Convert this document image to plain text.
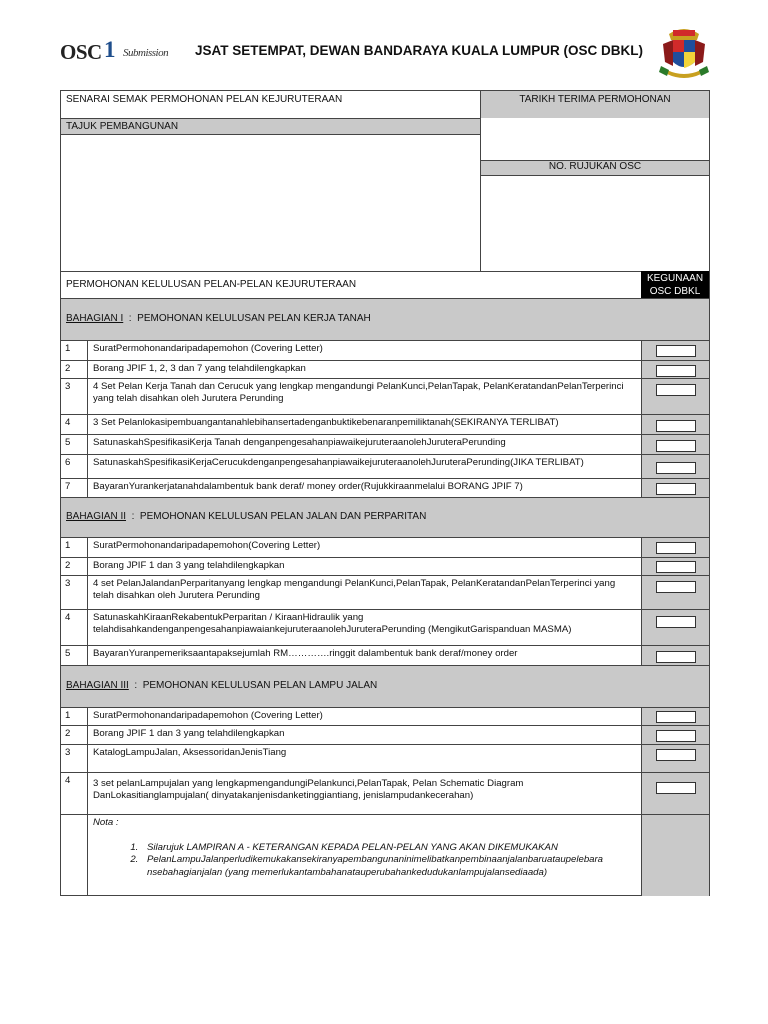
OSC 1 Submission JSAT SETEMPAT, DEWAN BANDARAYA KUALA LUMPUR (OSC DBKL)
SENARAI SEMAK PERMOHONAN PELAN KEJURUTERAAN	TARIKH TERIMA PERMOHONAN
TAJUK PEMBANGUNAN
NO. RUJUKAN OSC
PERMOHONAN KELULUSAN PELAN-PELAN KEJURUTERAAN
KEGUNAAN
OSC DBKL
BAHAGIAN I  :  PEMOHONAN KELULUSAN PELAN KERJA TANAH
1 SuratPermohonandaripadapemohon (Covering Letter)
2 Borang JPIF 1, 2, 3 dan 7 yang telahdilengkapkan
3 4 Set Pelan Kerja Tanah dan Cerucuk yang lengkap mengandungi PelanKunci,PelanTapak, PelanKeratandanPelanTerperinci yang telah disahkan oleh Jurutera Perunding
4 3 Set Pelanlokasipembuangantanahlebihansertadenganbuktikebenaranpemiliktanah(SEKIRANYA TERLIBAT)
5 SatunaskahSpesifikasiKerja Tanah denganpengesahanpiawaikejuruteraanolehJuruteraPerunding
6 SatunaskahSpesifikasiKerjaCerucukdenganpengesahanpiawaikejuruteraanolehJuruteraPerunding(JIKA TERLIBAT)
7 BayaranYurankerjatanahdalambentuk bank deraf/ money order(Rujukkiraanmelalui BORANG JPIF 7)
BAHAGIAN II  :  PEMOHONAN KELULUSAN PELAN JALAN DAN PERPARITAN
1 SuratPermohonandaripadapemohon(Covering Letter)
2 Borang JPIF 1 dan 3 yang telahdilengkapkan
3 4 set PelanJalandanPerparitanyang lengkap mengandungi PelanKunci,PelanTapak, PelanKeratandanPelanTerperinci yang telah disahkan oleh Jurutera Perunding
4 SatunaskahKiraanRekabentukPerparitan / KiraanHidraulik yang telahdisahkandenganpengesahanpiawaiankejuruteraanolehJuruteraPerunding (MengikutGarispanduan MASMA)
5 BayaranYuranpemeriksaantapaksejumlah RM………….ringgit dalambentuk bank deraf/money order
BAHAGIAN III  :  PEMOHONAN KELULUSAN PELAN LAMPU JALAN
1 SuratPermohonandaripadapemohon (Covering Letter)
2 Borang JPIF 1 dan 3 yang telahdilengkapkan
3 KatalogLampuJalan, AksessoridanJenisTiang
4 3 set pelanLampujalan yang lengkapmengandungiPelankunci,PelanTapak, Pelan Schematic Diagram DanLokasitianglampujalan( dinyatakanjenisdanketinggiantiang, jenislampudankecerahan)
Nota :
1. Silarujuk LAMPIRAN A - KETERANGAN KEPADA PELAN-PELAN YANG AKAN DIKEMUKAKAN
2. PelanLampuJalanperludikemukakansekiranyapembangunaninimelibatkanpembinaanjalanbaruataupelebara nsebahagianjalan (yang memerlukantambahanatauperubahankedudukanlampujalansediaada)
